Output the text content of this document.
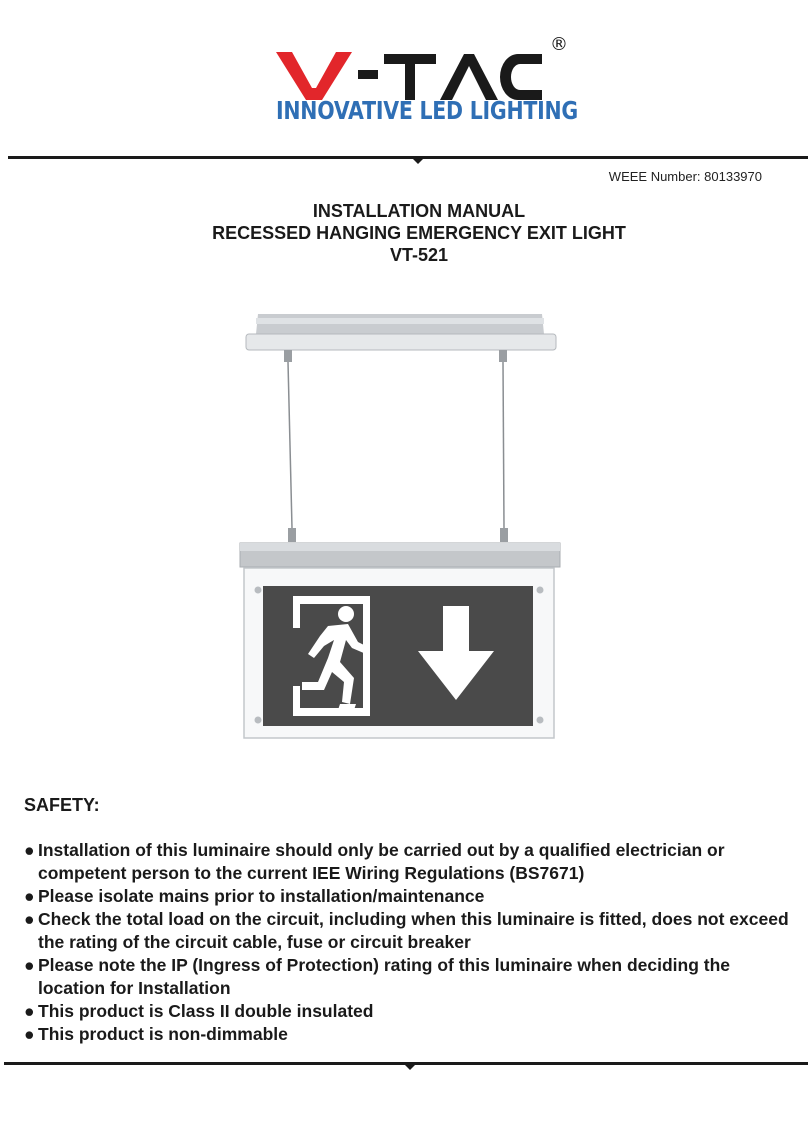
®
INNOVATIVE LED LIGHTING
WEEE Number: 80133970
INSTALLATION MANUAL
RECESSED HANGING EMERGENCY EXIT LIGHT
VT-521
SAFETY:
● Installation of this luminaire should only be carried out by a qualified electrician or competent person to the current IEE Wiring Regulations (BS7671)
● Please isolate mains prior to installation/maintenance
● Check the total load on the circuit, including when this luminaire is fitted, does not exceed the rating of the circuit cable, fuse or circuit breaker
● Please note the IP (Ingress of Protection) rating of this luminaire when deciding the location for Installation
● This product is Class II double insulated
● This product is non-dimmable
